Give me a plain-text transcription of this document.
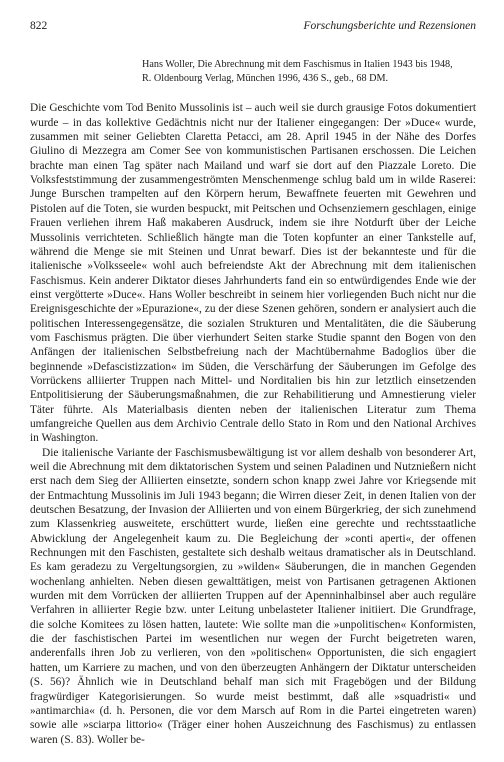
822	Forschungsberichte und Rezensionen
Hans Woller, Die Abrechnung mit dem Faschismus in Italien 1943 bis 1948,
R. Oldenbourg Verlag, München 1996, 436 S., geb., 68 DM.

Die Geschichte vom Tod Benito Mussolinis ist – auch weil sie durch grausige Fotos dokumentiert wurde – in das kollektive Gedächtnis nicht nur der Italiener eingegangen: Der »Duce« wurde, zusammen mit seiner Geliebten Claretta Petacci, am 28. April 1945 in der Nähe des Dorfes Giulino di Mezzegra am Comer See von kommunistischen Partisanen erschossen. Die Leichen brachte man einen Tag später nach Mailand und warf sie dort auf den Piazzale Loreto. Die Volksfeststimmung der zusammengeströmten Menschenmenge schlug bald um in wilde Raserei: Junge Burschen trampelten auf den Körpern herum, Bewaffnete feuerten mit Gewehren und Pistolen auf die Toten, sie wurden bespuckt, mit Peitschen und Ochsenziemern geschlagen, einige Frauen verliehen ihrem Haß makaberen Ausdruck, indem sie ihre Notdurft über der Leiche Mussolinis verrichteten. Schließlich hängte man die Toten kopfunter an einer Tankstelle auf, während die Menge sie mit Steinen und Unrat bewarf. Dies ist der bekannteste und für die italienische »Volksseele« wohl auch befreiendste Akt der Abrechnung mit dem italienischen Faschismus. Kein anderer Diktator dieses Jahrhunderts fand ein so entwürdigendes Ende wie der einst vergötterte »Duce«. Hans Woller beschreibt in seinem hier vorliegenden Buch nicht nur die Ereignisgeschichte der »Epurazione«, zu der diese Szenen gehören, sondern er analysiert auch die politischen Interessengegensätze, die sozialen Strukturen und Mentalitäten, die die Säuberung vom Faschismus prägten. Die über vierhundert Seiten starke Studie spannt den Bogen von den Anfängen der italienischen Selbstbefreiung nach der Machtübernahme Badoglios über die beginnende »Defascistizzation« im Süden, die Verschärfung der Säuberungen im Gefolge des Vorrückens alliierter Truppen nach Mittel- und Norditalien bis hin zur letztlich einsetzenden Entpolitisierung der Säuberungsmaßnahmen, die zur Rehabilitierung und Amnestierung vieler Täter führte. Als Materialbasis dienten neben der italienischen Literatur zum Thema umfangreiche Quellen aus dem Archivio Centrale dello Stato in Rom und den National Archives in Washington.

Die italienische Variante der Faschismusbewältigung ist vor allem deshalb von besonderer Art, weil die Abrechnung mit dem diktatorischen System und seinen Paladinen und Nutznießern nicht erst nach dem Sieg der Alliierten einsetzte, sondern schon knapp zwei Jahre vor Kriegsende mit der Entmachtung Mussolinis im Juli 1943 begann; die Wirren dieser Zeit, in denen Italien von der deutschen Besatzung, der Invasion der Alliierten und von einem Bürgerkrieg, der sich zunehmend zum Klassenkrieg ausweitete, erschüttert wurde, ließen eine gerechte und rechtsstaatliche Abwicklung der Angelegenheit kaum zu. Die Begleichung der »conti aperti«, der offenen Rechnungen mit den Faschisten, gestaltete sich deshalb weitaus dramatischer als in Deutschland. Es kam geradezu zu Vergeltungsorgien, zu »wilden« Säuberungen, die in manchen Gegenden wochenlang anhielten. Neben diesen gewalttätigen, meist von Partisanen getragenen Aktionen wurden mit dem Vorrücken der alliierten Truppen auf der Apenninhalbinsel aber auch reguläre Verfahren in alliierter Regie bzw. unter Leitung unbelasteter Italiener initiiert. Die Grundfrage, die solche Komitees zu lösen hatten, lautete: Wie sollte man die »unpolitischen« Konformisten, die der faschistischen Partei im wesentlichen nur wegen der Furcht beigetreten waren, anderenfalls ihren Job zu verlieren, von den »politischen« Opportunisten, die sich engagiert hatten, um Karriere zu machen, und von den überzeugten Anhängern der Diktatur unterscheiden (S. 56)? Ähnlich wie in Deutschland behalf man sich mit Fragebögen und der Bildung fragwürdiger Kategorisierungen. So wurde meist bestimmt, daß alle »squadristi« und »antimarchia« (d. h. Personen, die vor dem Marsch auf Rom in die Partei eingetreten waren) sowie alle »sciarpa littorio« (Träger einer hohen Auszeichnung des Faschismus) zu entlassen waren (S. 83). Woller be-
